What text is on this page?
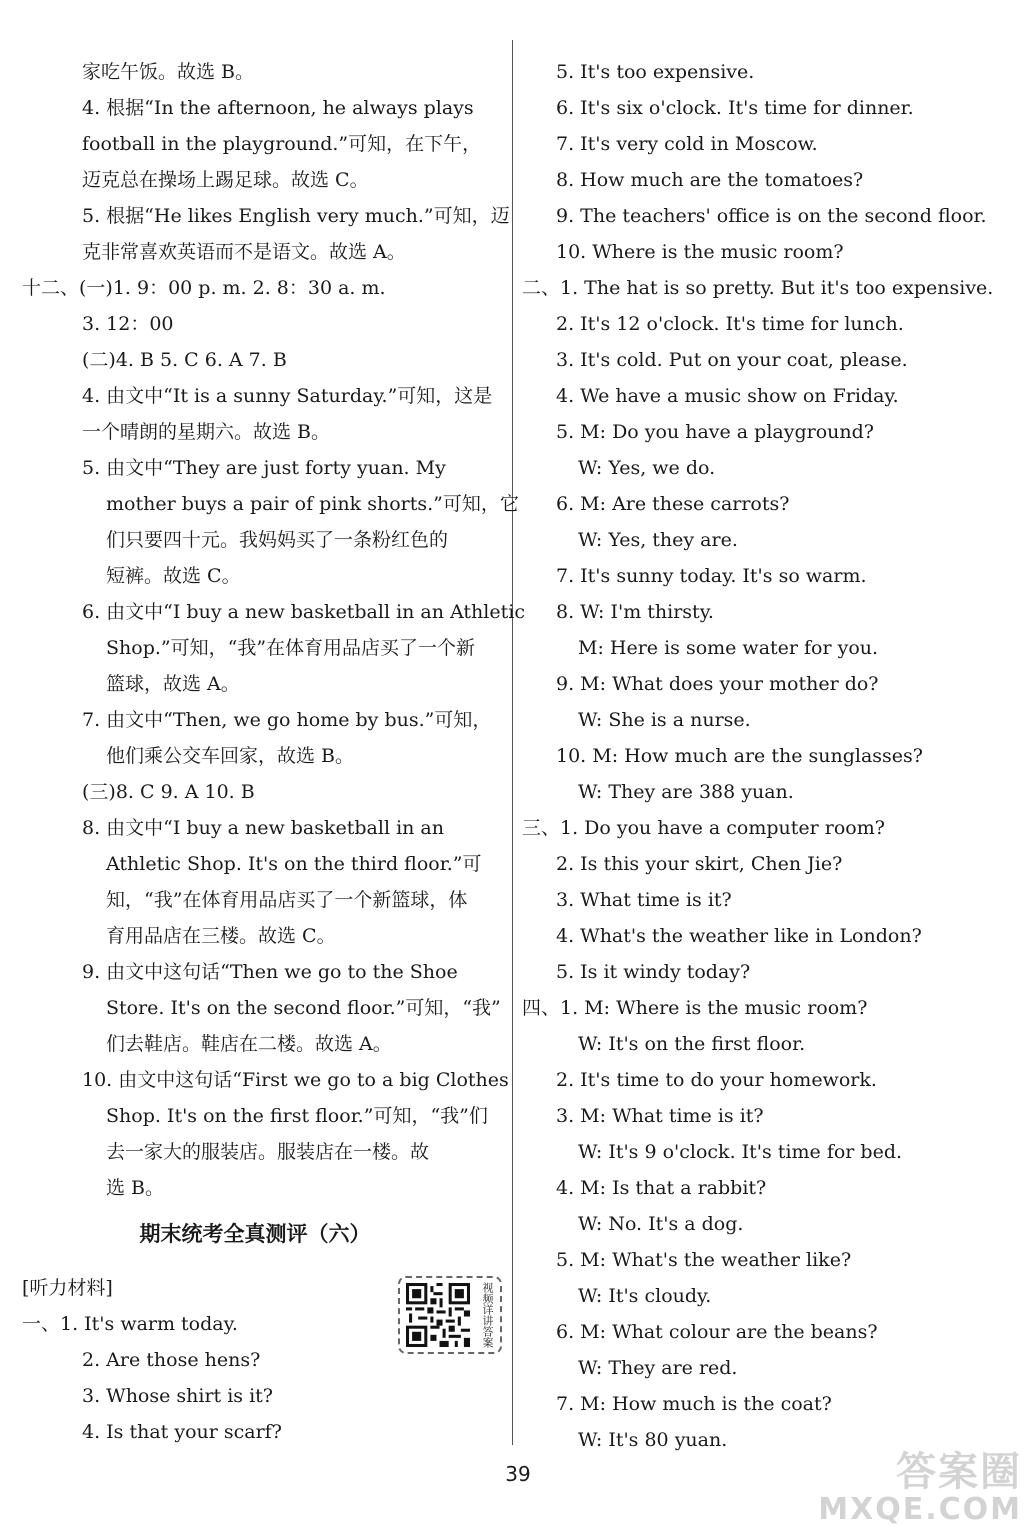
家吃午饭。故选 B。
4. 根据“In the afternoon, he always plays
football in the playground.”可知，在下午，
迈克总在操场上踢足球。故选 C。
5. 根据“He likes English very much.”可知，迈
克非常喜欢英语而不是语文。故选 A。
十二、(一)1. 9：00 p. m. 2. 8：30 a. m.
3. 12：00
(二)4. B 5. C 6. A 7. B
4. 由文中“It is a sunny Saturday.”可知，这是
一个晴朗的星期六。故选 B。
5. 由文中“They are just forty yuan. My
mother buys a pair of pink shorts.”可知，它
们只要四十元。我妈妈买了一条粉红色的
短裤。故选 C。
6. 由文中“I buy a new basketball in an Athletic
Shop.”可知，“我”在体育用品店买了一个新
篮球，故选 A。
7. 由文中“Then, we go home by bus.”可知，
他们乘公交车回家，故选 B。
(三)8. C 9. A 10. B
8. 由文中“I buy a new basketball in an
Athletic Shop. It's on the third floor.”可
知，“我”在体育用品店买了一个新篮球，体
育用品店在三楼。故选 C。
9. 由文中这句话“Then we go to the Shoe
Store. It's on the second floor.”可知，“我”
们去鞋店。鞋店在二楼。故选 A。
10. 由文中这句话“First we go to a big Clothes
Shop. It's on the first floor.”可知，“我”们
去一家大的服装店。服装店在一楼。故
选 B。
期末统考全真测评（六）
[听力材料]
一、1. It's warm today.
2. Are those hens?
3. Whose shirt is it?
4. Is that your scarf?
视频详讲答案
5. It's too expensive.
6. It's six o'clock. It's time for dinner.
7. It's very cold in Moscow.
8. How much are the tomatoes?
9. The teachers' office is on the second floor.
10. Where is the music room?
二、1. The hat is so pretty. But it's too expensive.
2. It's 12 o'clock. It's time for lunch.
3. It's cold. Put on your coat, please.
4. We have a music show on Friday.
5. M: Do you have a playground?
W: Yes, we do.
6. M: Are these carrots?
W: Yes, they are.
7. It's sunny today. It's so warm.
8. W: I'm thirsty.
M: Here is some water for you.
9. M: What does your mother do?
W: She is a nurse.
10. M: How much are the sunglasses?
W: They are 388 yuan.
三、1. Do you have a computer room?
2. Is this your skirt, Chen Jie?
3. What time is it?
4. What's the weather like in London?
5. Is it windy today?
四、1. M: Where is the music room?
W: It's on the first floor.
2. It's time to do your homework.
3. M: What time is it?
W: It's 9 o'clock. It's time for bed.
4. M: Is that a rabbit?
W: No. It's a dog.
5. M: What's the weather like?
W: It's cloudy.
6. M: What colour are the beans?
W: They are red.
7. M: How much is the coat?
W: It's 80 yuan.
39	答案圈
MXQE.COM
